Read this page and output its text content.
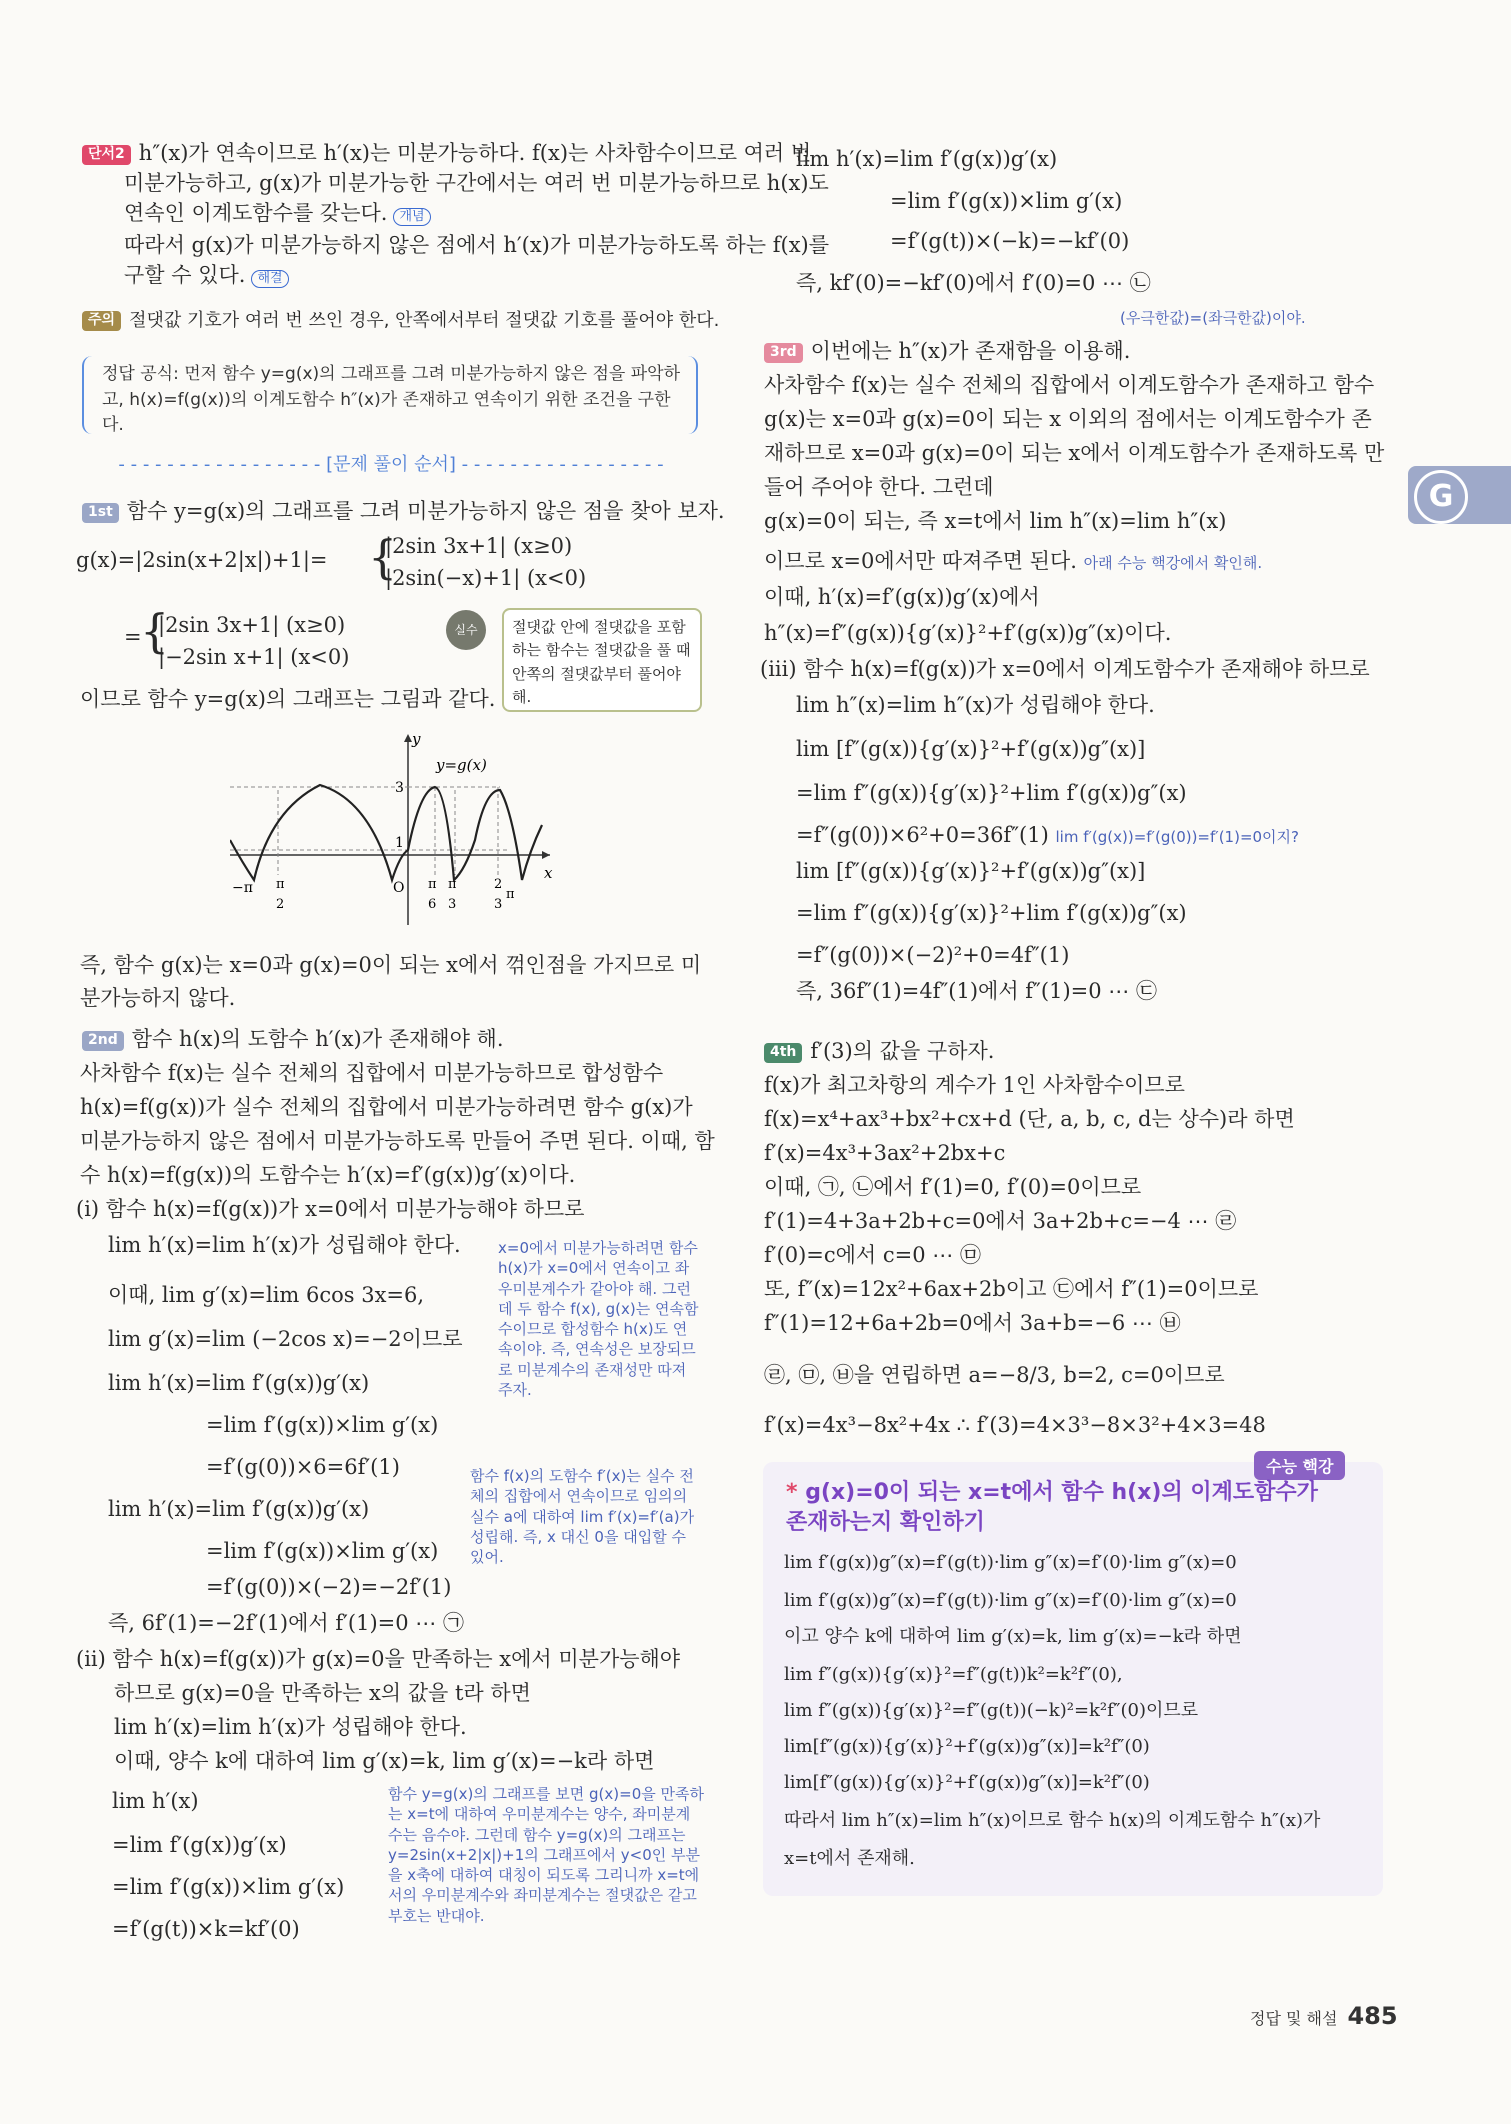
G
단서2 h″(x)가 연속이므로 h′(x)는 미분가능하다. f(x)는 사차함수이므로 여러 번
미분가능하고, g(x)가 미분가능한 구간에서는 여러 번 미분가능하므로 h(x)도
연속인 이계도함수를 갖는다. 개념
따라서 g(x)가 미분가능하지 않은 점에서 h′(x)가 미분가능하도록 하는 f(x)를
구할 수 있다. 해결
주의 절댓값 기호가 여러 번 쓰인 경우, 안쪽에서부터 절댓값 기호를 풀어야 한다.
정답 공식: 먼저 함수 y=g(x)의 그래프를 그려 미분가능하지 않은 점을 파악하고, h(x)=f(g(x))의 이계도함수 h″(x)가 존재하고 연속이기 위한 조건을 구한다.
- - - - - - - - - - - - - - - - - [문제 풀이 순서] - - - - - - - - - - - - - - - - -
1st 함수 y=g(x)의 그래프를 그려 미분가능하지 않은 점을 찾아 보자.
g(x)=|2sin(x+2|x|)+1|= {
|2sin 3x+1| (x≥0)
|2sin(−x)+1| (x<0)
=
{
|2sin 3x+1| (x≥0)
|−2sin x+1| (x<0)
이므로 함수 y=g(x)의 그래프는 그림과 같다.
실수	절댓값 안에 절댓값을 포함하는 함수는 절댓값을 풀 때 안쪽의 절댓값부터 풀어야 해.
y
x
y=g(x)
3
1
O
−π π
2
π
6
π
3
2
3
π
즉, 함수 g(x)는 x=0과 g(x)=0이 되는 x에서 꺾인점을 가지므로 미
분가능하지 않다.
2nd 함수 h(x)의 도함수 h′(x)가 존재해야 해.
사차함수 f(x)는 실수 전체의 집합에서 미분가능하므로 합성함수
h(x)=f(g(x))가 실수 전체의 집합에서 미분가능하려면 함수 g(x)가
미분가능하지 않은 점에서 미분가능하도록 만들어 주면 된다. 이때, 함
수 h(x)=f(g(x))의 도함수는 h′(x)=f′(g(x))g′(x)이다.
(i) 함수 h(x)=f(g(x))가 x=0에서 미분가능해야 하므로
lim h′(x)=lim h′(x)가 성립해야 한다.
이때, lim g′(x)=lim 6cos 3x=6,
lim g′(x)=lim (−2cos x)=−2이므로
lim h′(x)=lim f′(g(x))g′(x)
=lim f′(g(x))×lim g′(x)
=f′(g(0))×6=6f′(1)
lim h′(x)=lim f′(g(x))g′(x)
=lim f′(g(x))×lim g′(x)
=f′(g(0))×(−2)=−2f′(1)
즉, 6f′(1)=−2f′(1)에서 f′(1)=0 ⋯ ㉠
x=0에서 미분가능하려면 함수 h(x)가 x=0에서 연속이고 좌우미분계수가 같아야 해. 그런데 두 함수 f(x), g(x)는 연속함수이므로 합성함수 h(x)도 연속이야. 즉, 연속성은 보장되므로 미분계수의 존재성만 따져 주자.
함수 f(x)의 도함수 f′(x)는 실수 전체의 집합에서 연속이므로 임의의 실수 a에 대하여 lim f′(x)=f′(a)가 성립해. 즉, x 대신 0을 대입할 수 있어.
(ii) 함수 h(x)=f(g(x))가 g(x)=0을 만족하는 x에서 미분가능해야
하므로 g(x)=0을 만족하는 x의 값을 t라 하면
lim h′(x)=lim h′(x)가 성립해야 한다.
이때, 양수 k에 대하여 lim g′(x)=k, lim g′(x)=−k라 하면
lim h′(x)
=lim f′(g(x))g′(x)
=lim f′(g(x))×lim g′(x)
=f′(g(t))×k=kf′(0)
함수 y=g(x)의 그래프를 보면 g(x)=0을 만족하는 x=t에 대하여 우미분계수는 양수, 좌미분계수는 음수야. 그런데 함수 y=g(x)의 그래프는 y=2sin(x+2|x|)+1의 그래프에서 y<0인 부분을 x축에 대하여 대칭이 되도록 그리니까 x=t에서의 우미분계수와 좌미분계수는 절댓값은 같고 부호는 반대야.
lim h′(x)=lim f′(g(x))g′(x)
=lim f′(g(x))×lim g′(x)
=f′(g(t))×(−k)=−kf′(0)
즉, kf′(0)=−kf′(0)에서 f′(0)=0 ⋯ ㉡
(우극한값)=(좌극한값)이야.
3rd 이번에는 h″(x)가 존재함을 이용해.
사차함수 f(x)는 실수 전체의 집합에서 이계도함수가 존재하고 함수
g(x)는 x=0과 g(x)=0이 되는 x 이외의 점에서는 이계도함수가 존
재하므로 x=0과 g(x)=0이 되는 x에서 이계도함수가 존재하도록 만
들어 주어야 한다. 그런데
g(x)=0이 되는, 즉 x=t에서 lim h″(x)=lim h″(x)
이므로 x=0에서만 따져주면 된다. 아래 수능 핵강에서 확인해.
이때, h′(x)=f′(g(x))g′(x)에서
h″(x)=f″(g(x)){g′(x)}²+f′(g(x))g″(x)이다.
(iii) 함수 h(x)=f(g(x))가 x=0에서 이계도함수가 존재해야 하므로
lim h″(x)=lim h″(x)가 성립해야 한다.
lim [f″(g(x)){g′(x)}²+f′(g(x))g″(x)]
=lim f″(g(x)){g′(x)}²+lim f′(g(x))g″(x)
=f″(g(0))×6²+0=36f″(1) lim f′(g(x))=f′(g(0))=f′(1)=0이지?
lim [f″(g(x)){g′(x)}²+f′(g(x))g″(x)]
=lim f″(g(x)){g′(x)}²+lim f′(g(x))g″(x)
=f″(g(0))×(−2)²+0=4f″(1)
즉, 36f″(1)=4f″(1)에서 f″(1)=0 ⋯ ㉢
4th f′(3)의 값을 구하자.
f(x)가 최고차항의 계수가 1인 사차함수이므로
f(x)=x⁴+ax³+bx²+cx+d (단, a, b, c, d는 상수)라 하면
f′(x)=4x³+3ax²+2bx+c
이때, ㉠, ㉡에서 f′(1)=0, f′(0)=0이므로
f′(1)=4+3a+2b+c=0에서 3a+2b+c=−4 ⋯ ㉣
f′(0)=c에서 c=0 ⋯ ㉤
또, f″(x)=12x²+6ax+2b이고 ㉢에서 f″(1)=0이므로
f″(1)=12+6a+2b=0에서 3a+b=−6 ⋯ ㉥
㉣, ㉤, ㉥을 연립하면 a=−8/3, b=2, c=0이므로
f′(x)=4x³−8x²+4x ∴ f′(3)=4×3³−8×3²+4×3=48
수능 핵강
* g(x)=0이 되는 x=t에서 함수 h(x)의 이계도함수가 존재하는지 확인하기
lim f′(g(x))g″(x)=f′(g(t))·lim g″(x)=f′(0)·lim g″(x)=0
lim f′(g(x))g″(x)=f′(g(t))·lim g″(x)=f′(0)·lim g″(x)=0
이고 양수 k에 대하여 lim g′(x)=k, lim g′(x)=−k라 하면
lim f″(g(x)){g′(x)}²=f″(g(t))k²=k²f″(0),
lim f″(g(x)){g′(x)}²=f″(g(t))(−k)²=k²f″(0)이므로
lim[f″(g(x)){g′(x)}²+f′(g(x))g″(x)]=k²f″(0)
lim[f″(g(x)){g′(x)}²+f′(g(x))g″(x)]=k²f″(0)
따라서 lim h″(x)=lim h″(x)이므로 함수 h(x)의 이계도함수 h″(x)가
x=t에서 존재해.
정답 및 해설 485
